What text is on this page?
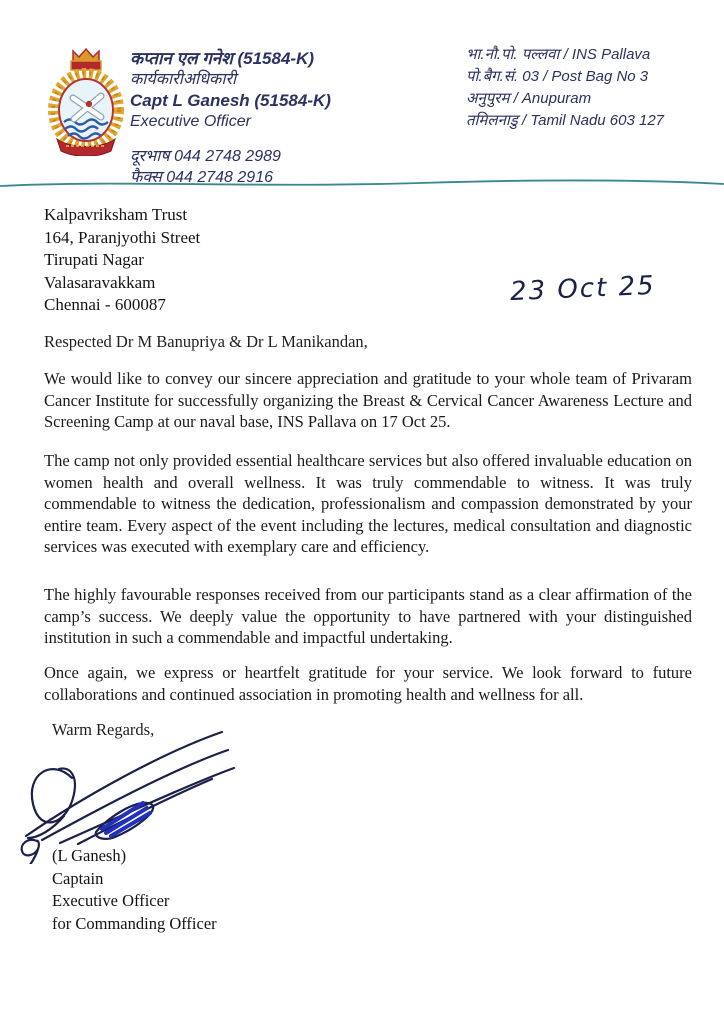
कप्तान एल गनेश (51584-K)
कार्यकारीअधिकारी
Capt L Ganesh (51584-K)
Executive Officer
दूरभाष 044 2748 2989
फैक्स 044 2748 2916
भा.नौ.पो. पल्लवा / INS Pallava
पो.बैग.सं. 03 / Post Bag No 3
अनुपुरम / Anupuram
तमिलनाडु / Tamil Nadu 603 127
Kalpavriksham Trust
164, Paranjyothi Street
Tirupati Nagar
Valasaravakkam
Chennai - 600087	23 Oct 25
Respected Dr M Banupriya & Dr L Manikandan,
We would like to convey our sincere appreciation and gratitude to your whole team of Privaram Cancer Institute for successfully organizing the Breast & Cervical Cancer Awareness Lecture and Screening Camp at our naval base, INS Pallava on 17 Oct 25.
The camp not only provided essential healthcare services but also offered invaluable education on women health and overall wellness. It was truly commendable to witness. It was truly commendable to witness the dedication, professionalism and compassion demonstrated by your entire team. Every aspect of the event including the lectures, medical consultation and diagnostic services was executed with exemplary care and efficiency.
The highly favourable responses received from our participants stand as a clear affirmation of the camp’s success. We deeply value the opportunity to have partnered with your distinguished institution in such a commendable and impactful undertaking.
Once again, we express or heartfelt gratitude for your service. We look forward to future collaborations and continued association in promoting health and wellness for all.
Warm Regards,
(L Ganesh)
Captain
Executive Officer
for Commanding Officer
